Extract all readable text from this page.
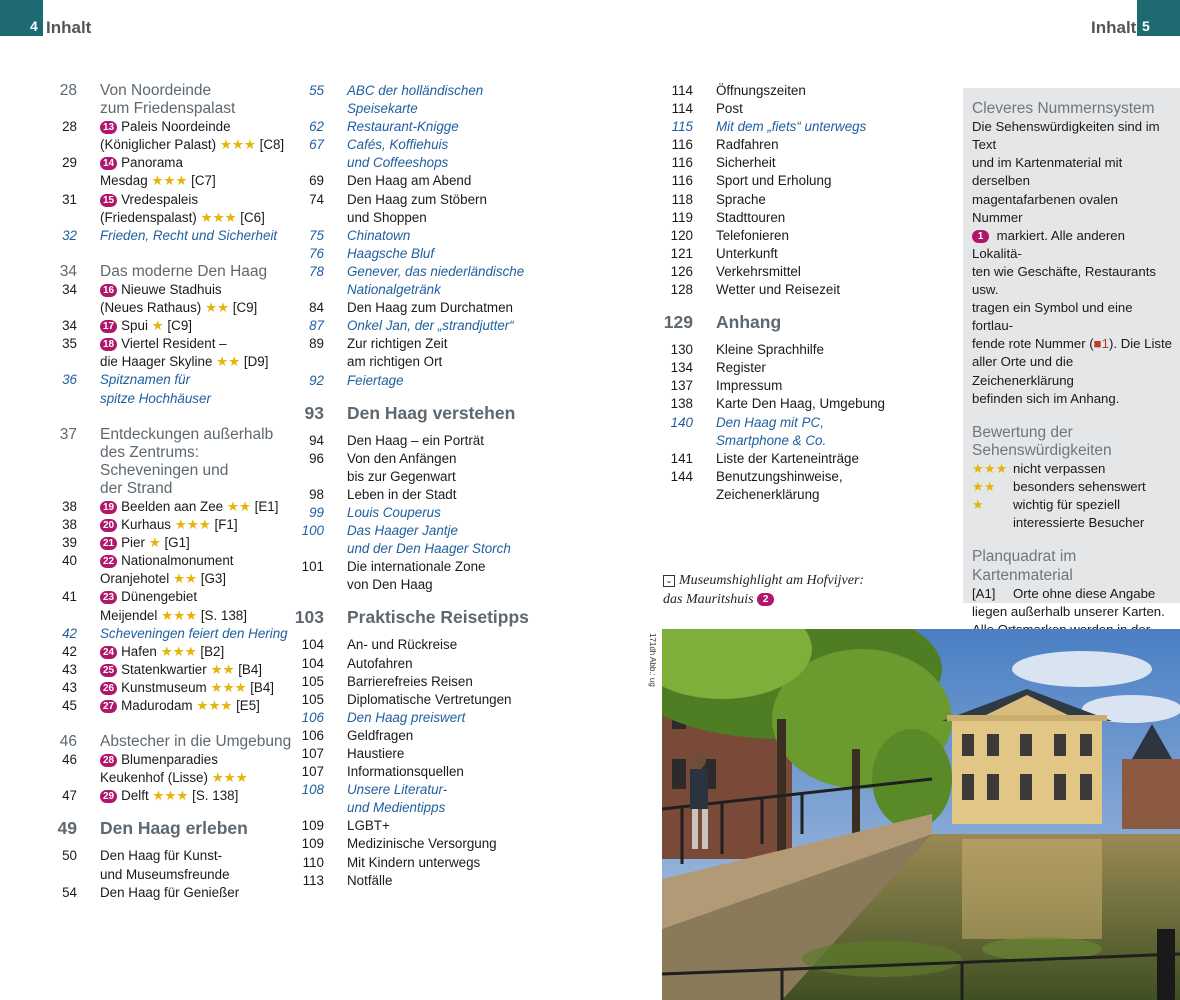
4 Inhalt	5
Inhalt
28 Von Noordeinde
zum Friedenspalast
28	13 Paleis Noordeinde
(Königlicher Palast) ★★★ [C8]
29	14 Panorama
Mesdag ★★★ [C7]
31	15 Vredespaleis
(Friedenspalast) ★★★ [C6]
32 Frieden, Recht und Sicherheit
34 Das moderne Den Haag
34	16 Nieuwe Stadhuis
(Neues Rathaus) ★★ [C9]
34	17 Spui ★ [C9]
35	18 Viertel Resident –
die Haager Skyline ★★ [D9]
36 Spitznamen für
spitze Hochhäuser
37 Entdeckungen außerhalb
des Zentrums:
Scheveningen und
der Strand
38	19 Beelden aan Zee ★★ [E1]
38	20 Kurhaus ★★★ [F1]
39	21 Pier ★ [G1]
40	22 Nationalmonument
Oranjehotel ★★ [G3]
41	23 Dünengebiet
Meijendel ★★★ [S. 138]
42 Scheveningen feiert den Hering
42	24 Hafen ★★★ [B2]
43	25 Statenkwartier ★★ [B4]
43	26 Kunstmuseum ★★★ [B4]
45	27 Madurodam ★★★ [E5]
46 Abstecher in die Umgebung
46	28 Blumenparadies
Keukenhof (Lisse) ★★★
47	29 Delft ★★★ [S. 138]
49 Den Haag erleben
50 Den Haag für Kunst-
und Museumsfreunde
54 Den Haag für Genießer
55 ABC der holländischen
Speisekarte
62 Restaurant-Knigge
67 Cafés, Koffiehuis
und Coffeeshops
69 Den Haag am Abend
74 Den Haag zum Stöbern
und Shoppen
75 Chinatown
76 Haagsche Bluf
78 Genever, das niederländische
Nationalgetränk
84 Den Haag zum Durchatmen
87 Onkel Jan, der „strandjutter“
89 Zur richtigen Zeit
am richtigen Ort
92 Feiertage
93 Den Haag verstehen
94 Den Haag – ein Porträt
96 Von den Anfängen
bis zur Gegenwart
98 Leben in der Stadt
99 Louis Couperus
100 Das Haager Jantje
und der Den Haager Storch
101 Die internationale Zone
von Den Haag
103 Praktische Reisetipps
104 An- und Rückreise
104 Autofahren
105 Barrierefreies Reisen
105 Diplomatische Vertretungen
106 Den Haag preiswert
106 Geldfragen
107 Haustiere
107 Informationsquellen
108 Unsere Literatur-
und Medientipps
109 LGBT+
109 Medizinische Versorgung
110 Mit Kindern unterwegs
113 Notfälle
114 Öffnungszeiten
114 Post
115 Mit dem „fiets“ unterwegs
116 Radfahren
116 Sicherheit
116 Sport und Erholung
118 Sprache
119 Stadttouren
120 Telefonieren
121 Unterkunft
126 Verkehrsmittel
128 Wetter und Reisezeit
129 Anhang
130 Kleine Sprachhilfe
134 Register
137 Impressum
138 Karte Den Haag, Umgebung
140 Den Haag mit PC,
Smartphone & Co.
141 Liste der Karteneinträge
144 Benutzungshinweise,
Zeichenerklärung
Cleveres Nummernsystem

Die Sehenswürdigkeiten sind im Text

und im Kartenmaterial mit derselben

magentafarbenen ovalen Nummer

1 markiert. Alle anderen Lokalitä-

ten wie Geschäfte, Restaurants usw.

tragen ein Symbol und eine fortlau-

fende rote Nummer (■1). Die Liste

aller Orte und die Zeichenerklärung

befinden sich im Anhang.

Bewertung der
Sehenswürdigkeiten
★★★ nicht verpassen
★★	besonders sehenswert
★	wichtig für speziell
interessierte Besucher
Planquadrat im Kartenmaterial

[A1] Orte ohne diese Angabe

liegen außerhalb unserer Karten.

⌄ Museumshighlight am Hofvijver:
das Mauritshuis 2
171dh Abb.: ug
